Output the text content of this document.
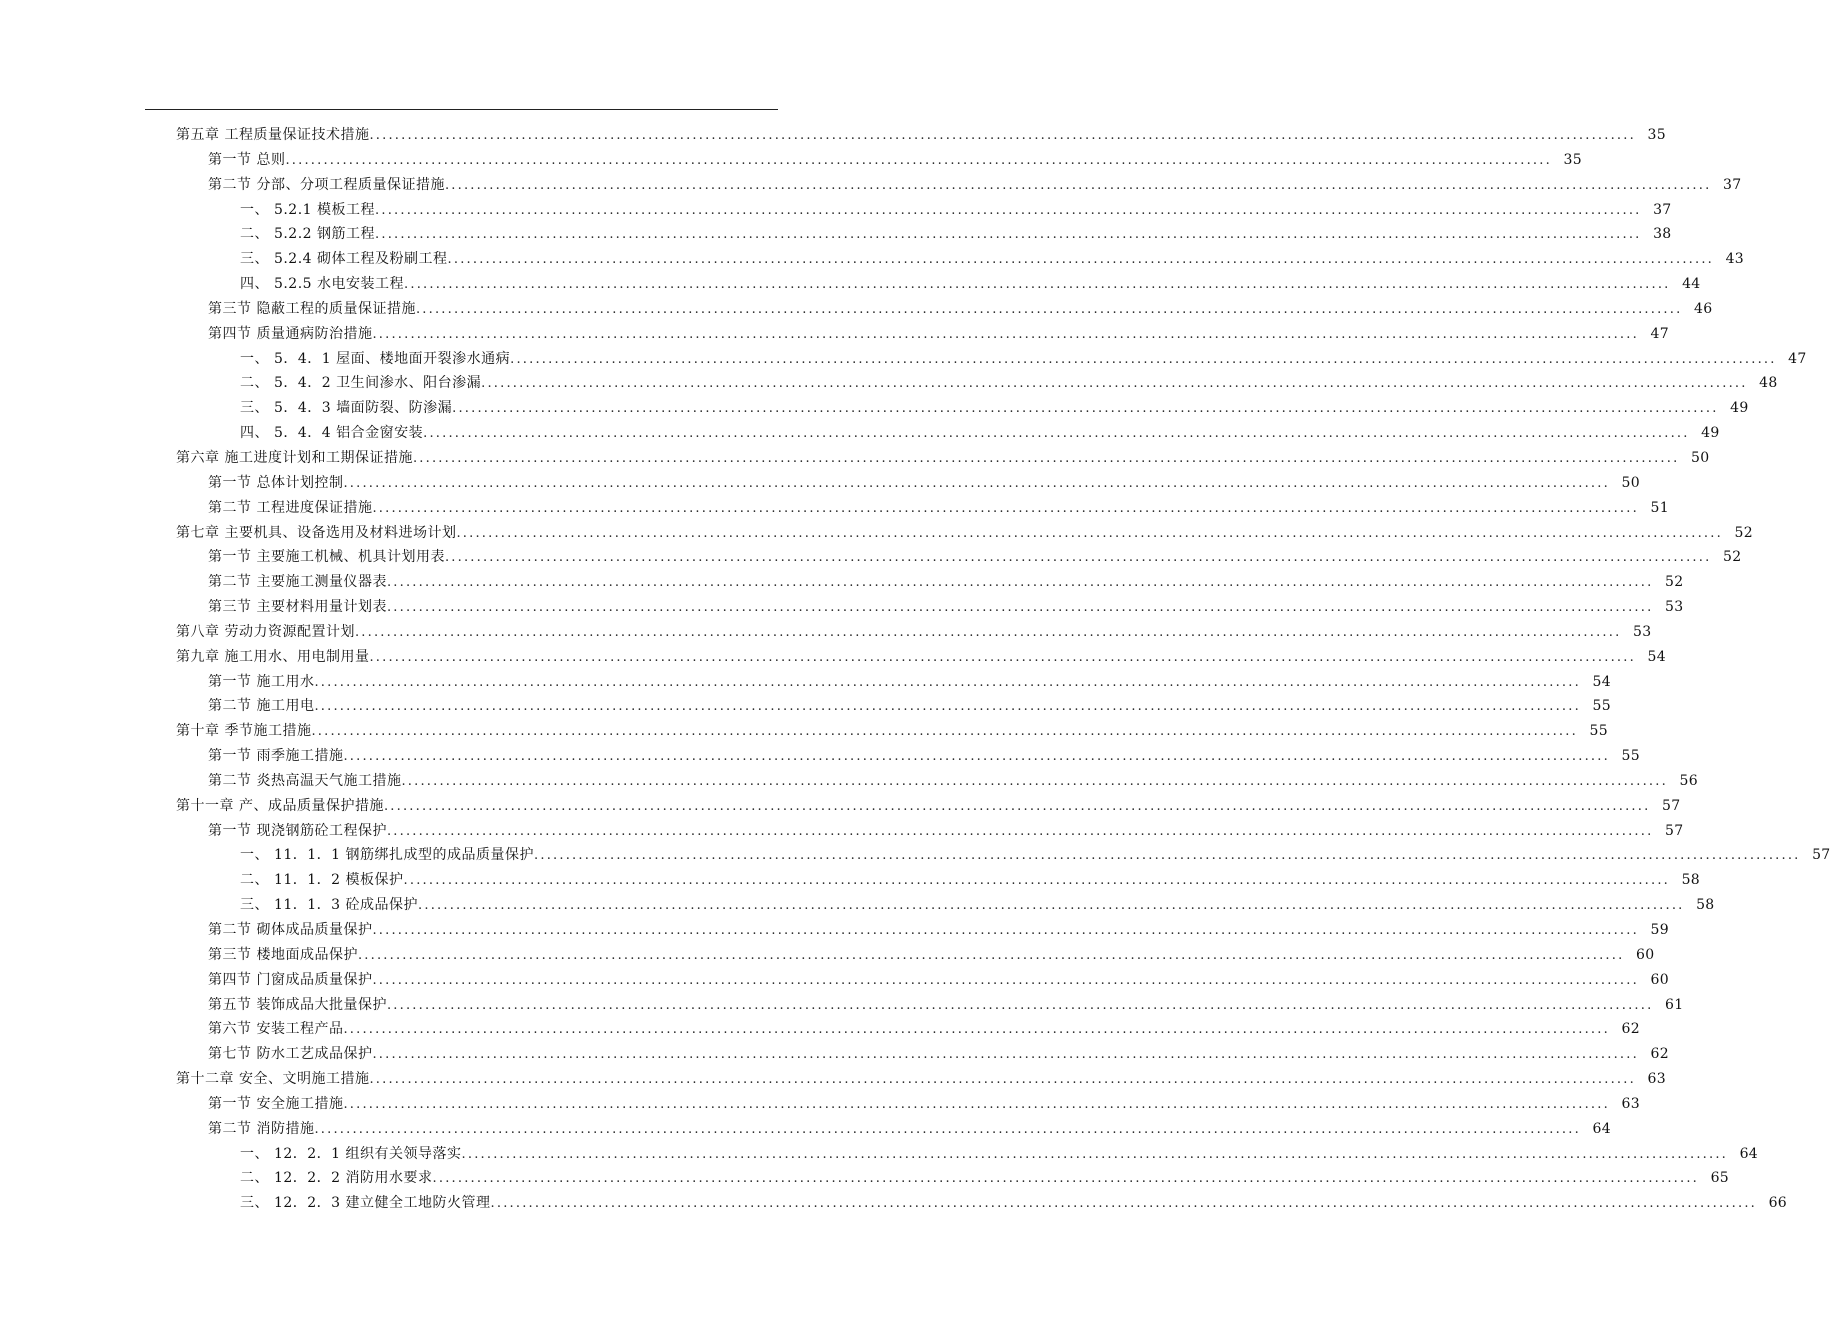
第五章 工程质量保证技术措施 ........................................................................................................................................................................................................ 35
第一节 总则 ........................................................................................................................................................................................................ 35
第二节 分部、分项工程质量保证措施 ........................................................................................................................................................................................................ 37
一、 5.2.1 模板工程 ........................................................................................................................................................................................................ 37
二、 5.2.2 钢筋工程 ........................................................................................................................................................................................................ 38
三、 5.2.4 砌体工程及粉刷工程 ........................................................................................................................................................................................................ 43
四、 5.2.5 水电安装工程 ........................................................................................................................................................................................................ 44
第三节 隐蔽工程的质量保证措施 ........................................................................................................................................................................................................ 46
第四节 质量通病防治措施 ........................................................................................................................................................................................................ 47
一、 5．4．1 屋面、楼地面开裂渗水通病 ........................................................................................................................................................................................................ 47
二、 5．4．2 卫生间渗水、阳台渗漏 ........................................................................................................................................................................................................ 48
三、 5．4．3 墙面防裂、防渗漏 ........................................................................................................................................................................................................ 49
四、 5．4．4 铝合金窗安装 ........................................................................................................................................................................................................ 49
第六章 施工进度计划和工期保证措施 ........................................................................................................................................................................................................ 50
第一节 总体计划控制 ........................................................................................................................................................................................................ 50
第二节 工程进度保证措施 ........................................................................................................................................................................................................ 51
第七章 主要机具、设备选用及材料进场计划 ........................................................................................................................................................................................................ 52
第一节 主要施工机械、机具计划用表 ........................................................................................................................................................................................................ 52
第二节 主要施工测量仪器表 ........................................................................................................................................................................................................ 52
第三节 主要材料用量计划表 ........................................................................................................................................................................................................ 53
第八章 劳动力资源配置计划 ........................................................................................................................................................................................................ 53
第九章 施工用水、用电制用量 ........................................................................................................................................................................................................ 54
第一节 施工用水 ........................................................................................................................................................................................................ 54
第二节 施工用电 ........................................................................................................................................................................................................ 55
第十章 季节施工措施 ........................................................................................................................................................................................................ 55
第一节 雨季施工措施 ........................................................................................................................................................................................................ 55
第二节 炎热高温天气施工措施 ........................................................................................................................................................................................................ 56
第十一章 产、成品质量保护措施 ........................................................................................................................................................................................................ 57
第一节 现浇钢筋砼工程保护 ........................................................................................................................................................................................................ 57
一、 11．1．1 钢筋绑扎成型的成品质量保护 ........................................................................................................................................................................................................ 57
二、 11．1．2 模板保护 ........................................................................................................................................................................................................ 58
三、 11．1．3 砼成品保护 ........................................................................................................................................................................................................ 58
第二节 砌体成品质量保护 ........................................................................................................................................................................................................ 59
第三节 楼地面成品保护 ........................................................................................................................................................................................................ 60
第四节 门窗成品质量保护 ........................................................................................................................................................................................................ 60
第五节 装饰成品大批量保护 ........................................................................................................................................................................................................ 61
第六节 安装工程产品 ........................................................................................................................................................................................................ 62
第七节 防水工艺成品保护 ........................................................................................................................................................................................................ 62
第十二章 安全、文明施工措施 ........................................................................................................................................................................................................ 63
第一节 安全施工措施 ........................................................................................................................................................................................................ 63
第二节 消防措施 ........................................................................................................................................................................................................ 64
一、 12．2．1 组织有关领导落实 ........................................................................................................................................................................................................ 64
二、 12．2．2 消防用水要求 ........................................................................................................................................................................................................ 65
三、 12．2．3 建立健全工地防火管理 ........................................................................................................................................................................................................ 66
